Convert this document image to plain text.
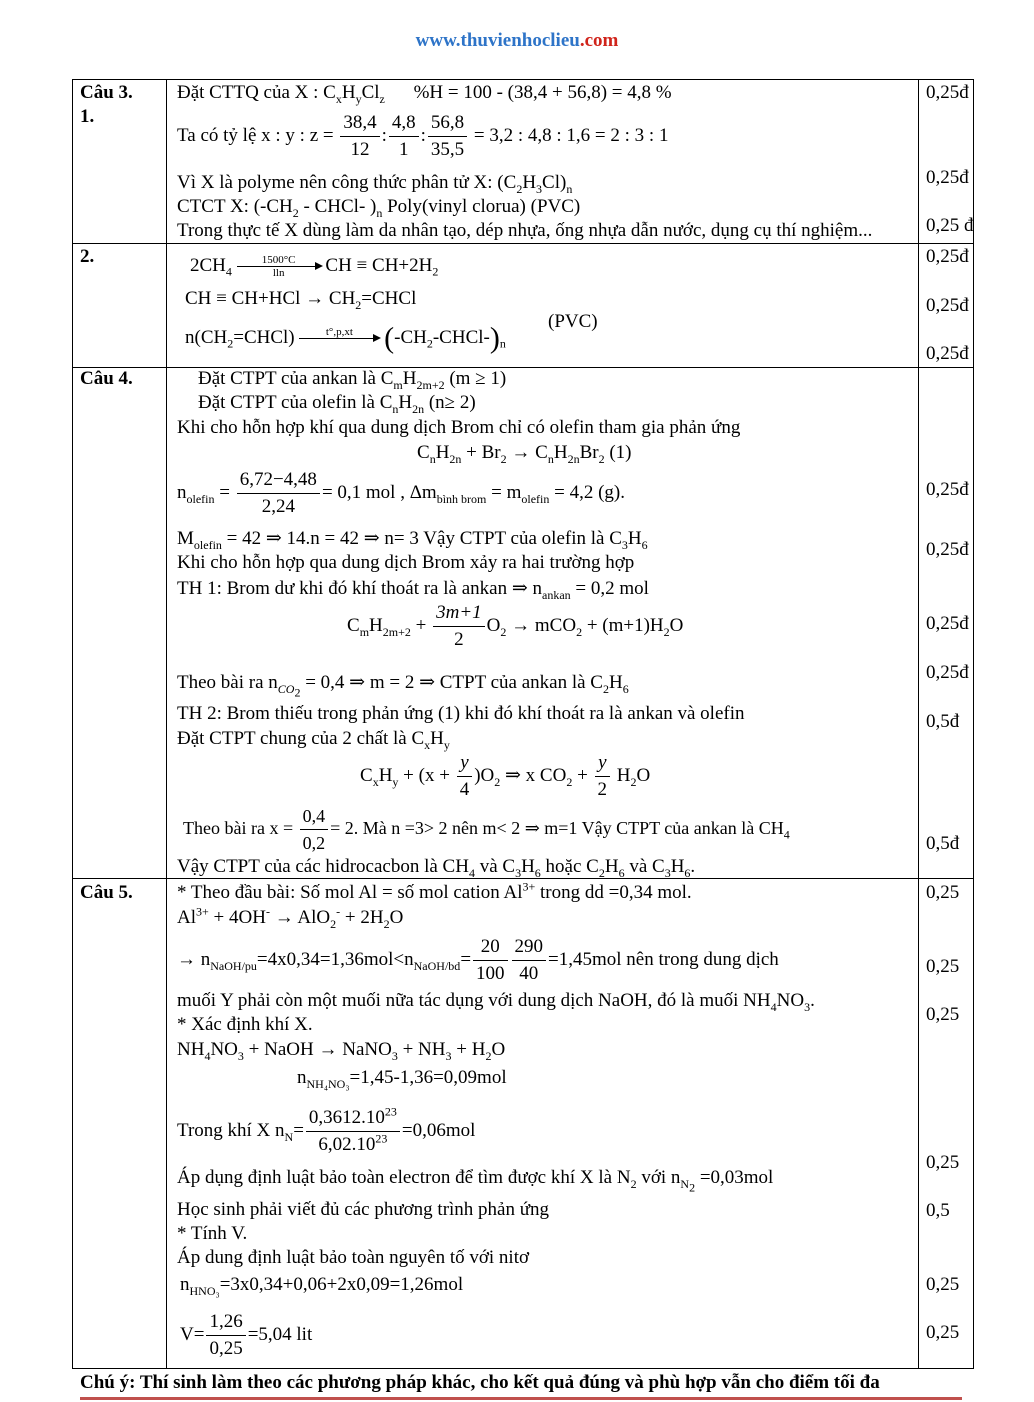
www.thuvienhoclieu.com
Câu 3.
1.
2.
Câu 4.
Câu 5.
0,25đ
0,25đ
0,25 đ
0,25đ
0,25đ
0,25đ
0,25đ
0,25đ
0,25đ
0,25đ
0,5đ
0,5đ
0,25
0,25
0,25
0,25
0,5
0,25
0,25
Đặt CTTQ của X : $C_xH_yCl_z$ %H = 100 - (38,4 + 56,8) = 4,8 %
Ta có tỷ lệ x : y : $z = \frac{38,4}{12}$ : $\frac{4,8}{1}$ : $\frac{56,8}{35,5} = 3,2$ : 4,8 : 1,6 = 2 : 3 : 1
Vì X là polyme nên công thức phân tử X: $(C_2H_3Cl)_n$
CTCT X: ($-CH_2$ - CHCl- )$_n$ Poly(vinyl clorua) (PVC)
Trong thực tế X dùng làm da nhân tạo, dép nhựa, ống nhựa dẫn nước, dụng cụ thí nghiệm...
$2CH_4 \frac{1500^\circ C}{lln}$ CH ≡ $CH+2H_2$
CH ≡ $CH+HCl \to CH_2=CHCl$
$n(CH_2=CHCl)$	t°,p,xt
	$(-CH_2-CHCl-)_n$
(PVC)
Đặt CTPT của ankan là $C_mH_{2m+2}$ (m ≥ 1)
Đặt CTPT của olefin là $C_nH_{2n}$ (n≥ 2)
Khi cho hỗn hợp khí qua dung dịch Brom chỉ có olefin tham gia phản ứng
$C_nH_{2n} + Br_2 \to C_nH_{2n}Br_2$ (1)
$n_{olefin} = \frac{6,72-4,48}{2,24} = 0,1$ mol , $\Delta m_{bình brom} = m_{olefin} = 4,2$ (g).
$M_{olefin} = 42$ ⇒ 14.n = 42 ⇒ n= 3 Vậy CTPT của olefin là $C_3H_6$
Khi cho hỗn hợp qua dung dịch Brom xảy ra hai trường hợp
TH 1: Brom dư khi đó khí thoát ra là ankan ⇒ $n_{ankan} = 0,2$ mol
$C_mH_{2m+2} + \frac{3m+1}{2} O_2 \to mCO_2 + (m+1)H_2O$
Theo bài ra $n_{CO_2} = 0,4$ ⇒ m = 2 ⇒ CTPT của ankan là $C_2H_6$
TH 2: Brom thiếu trong phản ứng (1) khi đó khí thoát ra là ankan và olefin
Đặt CTPT chung của 2 chất là $C_xH_y$
$C_xH_y + (x + \frac{y}{4} )O_2$ ⇒ x $CO_2 + \frac{y}{2} H_2O$
Theo bài ra $x = \frac{0,4}{0,2} = 2$. Mà n =3> 2 nên m< 2 ⇒ m=1 Vậy CTPT của ankan là $CH_4$
Vậy CTPT của các hidrocacbon là $CH_4$ và $C_3H_6$ hoặc $C_2H_6$ và $C_3H_6$.
* Theo đầu bài: Số mol Al = số mol cation $Al^{3+}$ trong dd =0,34 mol.
$Al^{3+} + 4OH^- \to AlO_2^- + 2H_2O$
→ $n_{NaOH/pu}=4x0,34=1,36mol<n_{NaOH/bd}= \frac{20}{100} \frac{290}{40} =1,45mol$ nên trong dung dịch
muối Y phải còn một muối nữa tác dụng với dung dịch NaOH, đó là muối $NH_4NO_3$.
* Xác định khí X.
$NH_4NO_3$ + NaOH → NaNO$_3$ + $NH_3 + H_2O$
$n_{NH_4NO_3}=1,45-1,36=0,09mol$
Trong khí X $n_N= \frac{0,3612.10^{23}}{6,02.10^{23}} =0,06mol$
Áp dụng định luật bảo toàn electron để tìm được khí X là $N_2$ với $n_{N_2} =0,03mol$
Học sinh phải viết đủ các phương trình phản ứng
* Tính V.
Áp dung định luật bảo toàn nguyên tố với nitơ
$n_{HNO_3}=3x0,34+0,06+2x0,09=1,26mol$
$V= \frac{1,26}{0,25} =5,04$ lit
Chú ý: Thí sinh làm theo các phương pháp khác, cho kết quả đúng và phù hợp vẫn cho điểm tối đa
